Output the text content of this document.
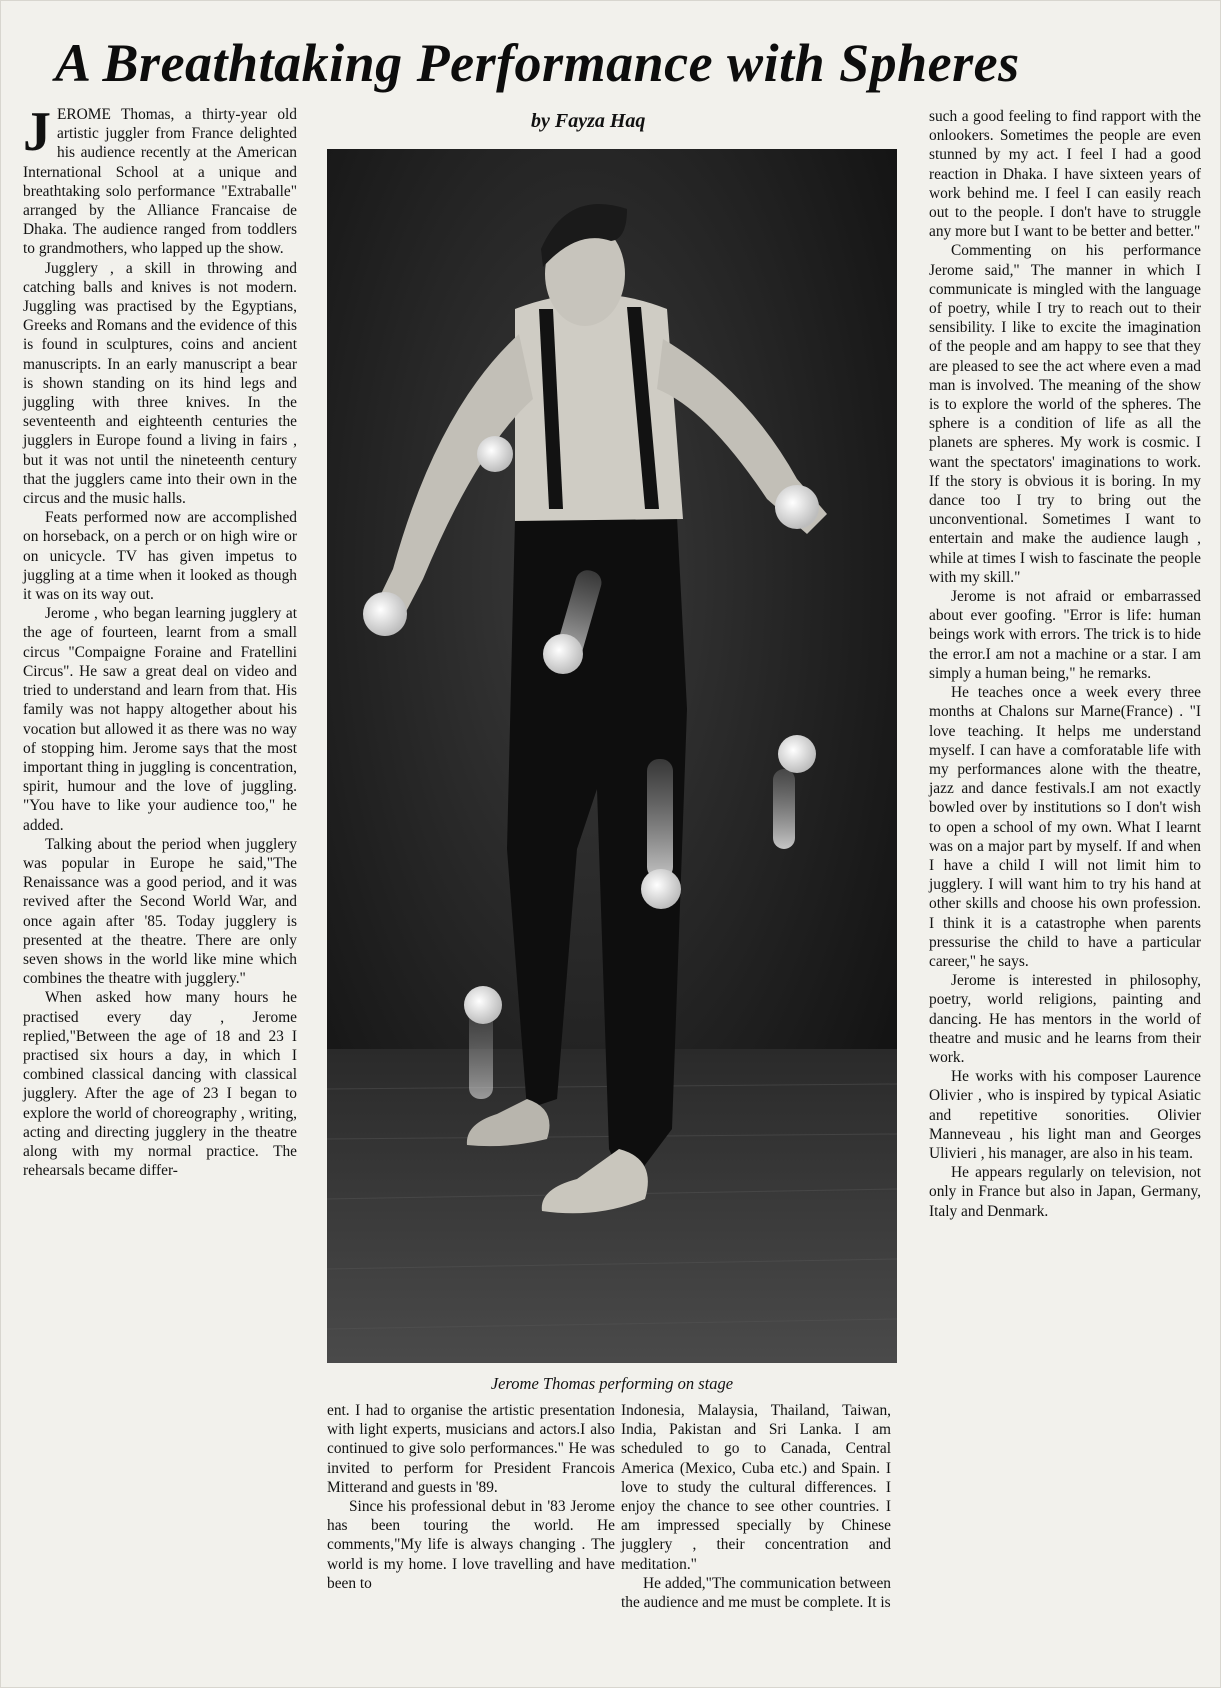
A Breathtaking Performance with Spheres
by Fayza Haq

JEROME Thomas, a thirty-year old artistic juggler from France delighted his audience recently at the American International School at a unique and breathtaking solo performance "Extraballe" arranged by the Alliance Francaise de Dhaka. The audience ranged from toddlers to grandmothers, who lapped up the show.

Jugglery , a skill in throwing and catching balls and knives is not modern. Juggling was practised by the Egyptians, Greeks and Romans and the evidence of this is found in sculptures, coins and ancient manuscripts. In an early manuscript a bear is shown standing on its hind legs and juggling with three knives. In the seventeenth and eighteenth centuries the jugglers in Europe found a living in fairs , but it was not until the nineteenth century that the jugglers came into their own in the circus and the music halls.

Feats performed now are accomplished on horseback, on a perch or on high wire or on unicycle. TV has given impetus to juggling at a time when it looked as though it was on its way out.

Jerome , who began learning jugglery at the age of fourteen, learnt from a small circus "Compaigne Foraine and Fratellini Circus". He saw a great deal on video and tried to understand and learn from that. His family was not happy altogether about his vocation but allowed it as there was no way of stopping him. Jerome says that the most important thing in juggling is concentration, spirit, humour and the love of juggling. "You have to like your audience too," he added.

Talking about the period when jugglery was popular in Europe he said,"The Renaissance was a good period, and it was revived after the Second World War, and once again after '85. Today jugglery is presented at the theatre. There are only seven shows in the world like mine which combines the theatre with jugglery."

When asked how many hours he practised every day , Jerome replied,"Between the age of 18 and 23 I practised six hours a day, in which I combined classical dancing with classical jugglery. After the age of 23 I began to explore the world of choreography , writing, acting and directing jugglery in the theatre along with my normal practice. The rehearsals became differ-

Jerome Thomas performing on stage

ent. I had to organise the artistic presentation with light experts, musicians and actors.I also continued to give solo performances." He was invited to perform for President Francois Mitterand and guests in '89.

Since his professional debut in '83 Jerome has been touring the world. He comments,"My life is always changing . The world is my home. I love travelling and have been to

Indonesia, Malaysia, Thailand, Taiwan, India, Pakistan and Sri Lanka. I am scheduled to go to Canada, Central America (Mexico, Cuba etc.) and Spain. I love to study the cultural differences. I enjoy the chance to see other countries. I am impressed specially by Chinese jugglery , their concentration and meditation."

He added,"The communication between the audience and me must be complete. It is

such a good feeling to find rapport with the onlookers. Sometimes the people are even stunned by my act. I feel I had a good reaction in Dhaka. I have sixteen years of work behind me. I feel I can easily reach out to the people. I don't have to struggle any more but I want to be better and better."

Commenting on his performance Jerome said," The manner in which I communicate is mingled with the language of poetry, while I try to reach out to their sensibility. I like to excite the imagination of the people and am happy to see that they are pleased to see the act where even a mad man is involved. The meaning of the show is to explore the world of the spheres. The sphere is a condition of life as all the planets are spheres. My work is cosmic. I want the spectators' imaginations to work. If the story is obvious it is boring. In my dance too I try to bring out the unconventional. Sometimes I want to entertain and make the audience laugh , while at times I wish to fascinate the people with my skill."

Jerome is not afraid or embarrassed about ever goofing. "Error is life: human beings work with errors. The trick is to hide the error.I am not a machine or a star. I am simply a human being," he remarks.

He teaches once a week every three months at Chalons sur Marne(France) . "I love teaching. It helps me understand myself. I can have a comforatable life with my performances alone with the theatre, jazz and dance festivals.I am not exactly bowled over by institutions so I don't wish to open a school of my own. What I learnt was on a major part by myself. If and when I have a child I will not limit him to jugglery. I will want him to try his hand at other skills and choose his own profession. I think it is a catastrophe when parents pressurise the child to have a particular career," he says.

Jerome is interested in philosophy, poetry, world religions, painting and dancing. He has mentors in the world of theatre and music and he learns from their work.

He works with his composer Laurence Olivier , who is inspired by typical Asiatic and repetitive sonorities. Olivier Manneveau , his light man and Georges Ulivieri , his manager, are also in his team.

He appears regularly on television, not only in France but also in Japan, Germany, Italy and Denmark.
